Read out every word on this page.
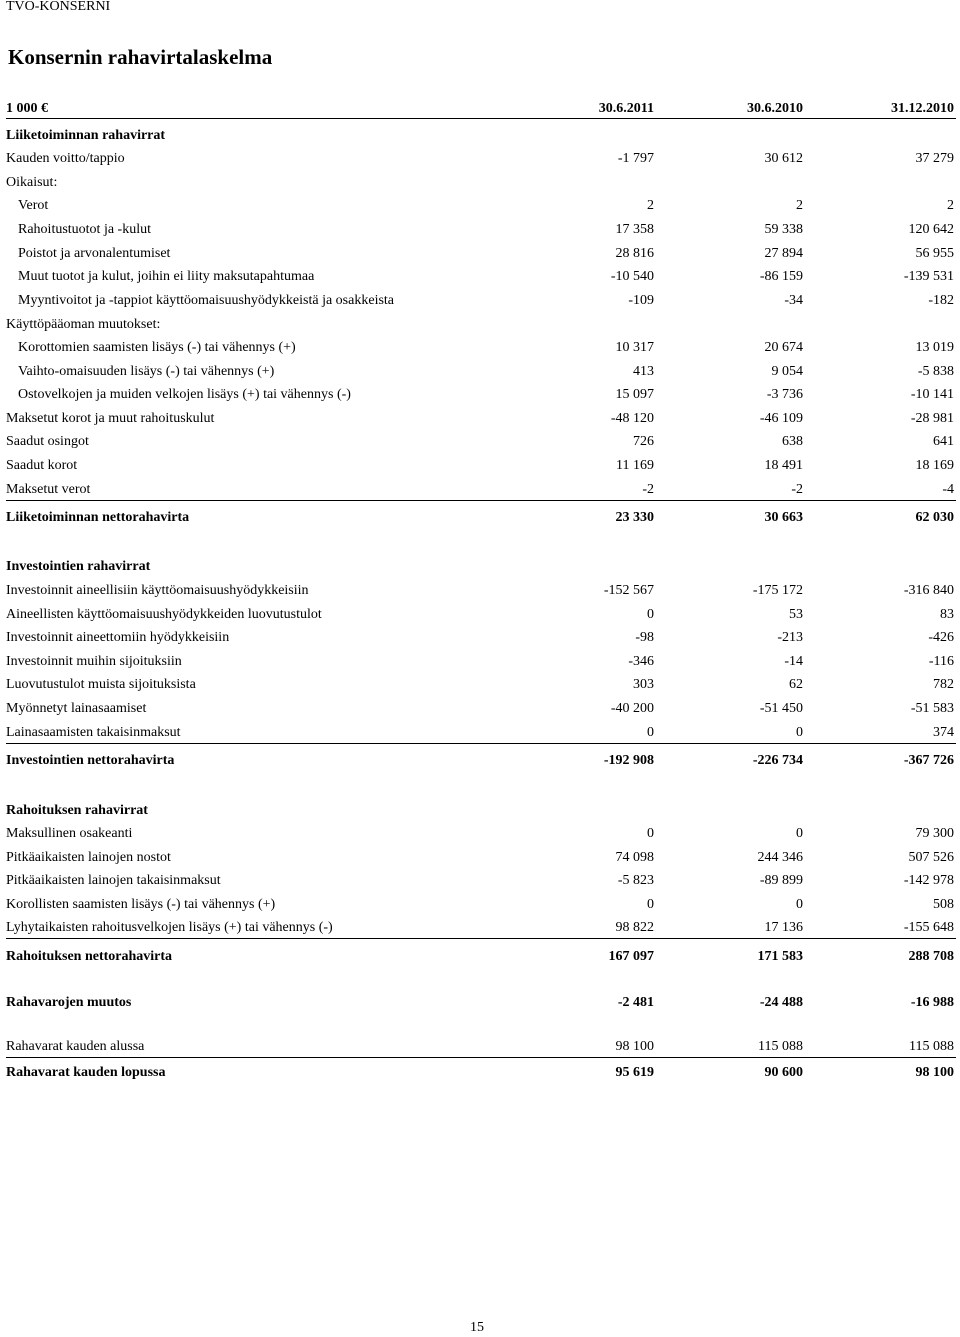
TVO-KONSERNI
Konsernin rahavirtalaskelma
1 000 €	30.6.2011	30.6.2010	31.12.2010
Liiketoiminnan rahavirrat
Kauden voitto/tappio	-1 797	30 612	37 279
Oikaisut:
Verot	2	2	2
Rahoitustuotot ja -kulut	17 358	59 338	120 642
Poistot ja arvonalentumiset	28 816	27 894	56 955
Muut tuotot ja kulut, joihin ei liity maksutapahtumaa	-10 540	-86 159	-139 531
Myyntivoitot ja -tappiot käyttöomaisuushyödykkeistä ja osakkeista	-109	-34	-182
Käyttöpääoman muutokset:
Korottomien saamisten lisäys (-) tai vähennys (+)	10 317	20 674	13 019
Vaihto-omaisuuden lisäys (-) tai vähennys (+)	413	9 054	-5 838
Ostovelkojen ja muiden velkojen lisäys (+) tai vähennys (-)	15 097	-3 736	-10 141
Maksetut korot ja muut rahoituskulut	-48 120	-46 109	-28 981
Saadut osingot	726	638	641
Saadut korot	11 169	18 491	18 169
Maksetut verot	-2	-2	-4
Liiketoiminnan nettorahavirta	23 330	30 663	62 030
Investointien rahavirrat
Investoinnit aineellisiin käyttöomaisuushyödykkeisiin	-152 567	-175 172	-316 840
Aineellisten käyttöomaisuushyödykkeiden luovutustulot	0	53	83
Investoinnit aineettomiin hyödykkeisiin	-98	-213	-426
Investoinnit muihin sijoituksiin	-346	-14	-116
Luovutustulot muista sijoituksista	303	62	782
Myönnetyt lainasaamiset	-40 200	-51 450	-51 583
Lainasaamisten takaisinmaksut	0	0	374
Investointien nettorahavirta	-192 908	-226 734	-367 726
Rahoituksen rahavirrat
Maksullinen osakeanti	0	0	79 300
Pitkäaikaisten lainojen nostot	74 098	244 346	507 526
Pitkäaikaisten lainojen takaisinmaksut	-5 823	-89 899	-142 978
Korollisten saamisten lisäys (-) tai vähennys (+)	0	0	508
Lyhytaikaisten rahoitusvelkojen lisäys (+) tai vähennys (-)	98 822	17 136	-155 648
Rahoituksen nettorahavirta	167 097	171 583	288 708
Rahavarojen muutos	-2 481	-24 488	-16 988
Rahavarat kauden alussa	98 100	115 088	115 088
Rahavarat kauden lopussa	95 619	90 600	98 100
15
